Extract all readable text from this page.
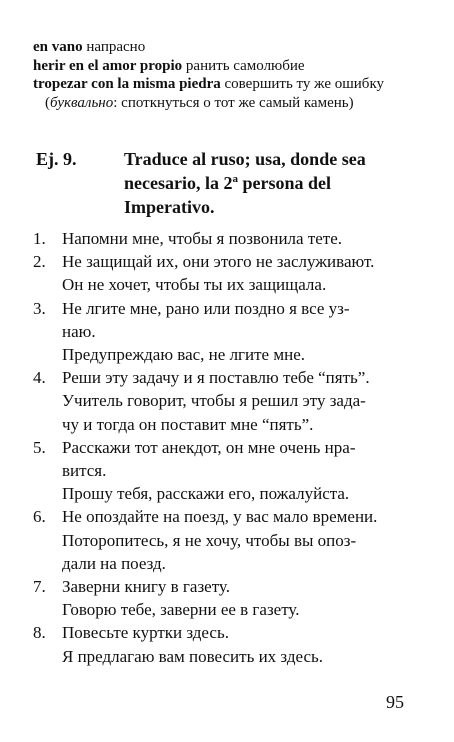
en vano напрасно
herir en el amor propio ранить самолюбие
tropezar con la misma piedra совершить ту же ошибку
(буквально: споткнуться о тот же самый камень)
Ej. 9.	Traduce al ruso; usa, donde sea
necesario, la 2$^a$ persona del
Imperativo.
1. Напомни мне, чтобы я позвонила тете.
2. Не защищай их, они этого не заслуживают.
Он не хочет, чтобы ты их защищала.
3. Не лгите мне, рано или поздно я все уз-
наю.
Предупреждаю вас, не лгите мне.
4. Реши эту задачу и я поставлю тебе “пять”.
Учитель говорит, чтобы я решил эту зада-
чу и тогда он поставит мне “пять”.
5. Расскажи тот анекдот, он мне очень нра-
вится.
Прошу тебя, расскажи его, пожалуйста.
6. Не опоздайте на поезд, у вас мало времени.
Поторопитесь, я не хочу, чтобы вы опоз-
дали на поезд.
7. Заверни книгу в газету.
Говорю тебе, заверни ее в газету.
8. Повесьте куртки здесь.
Я предлагаю вам повесить их здесь.
95
